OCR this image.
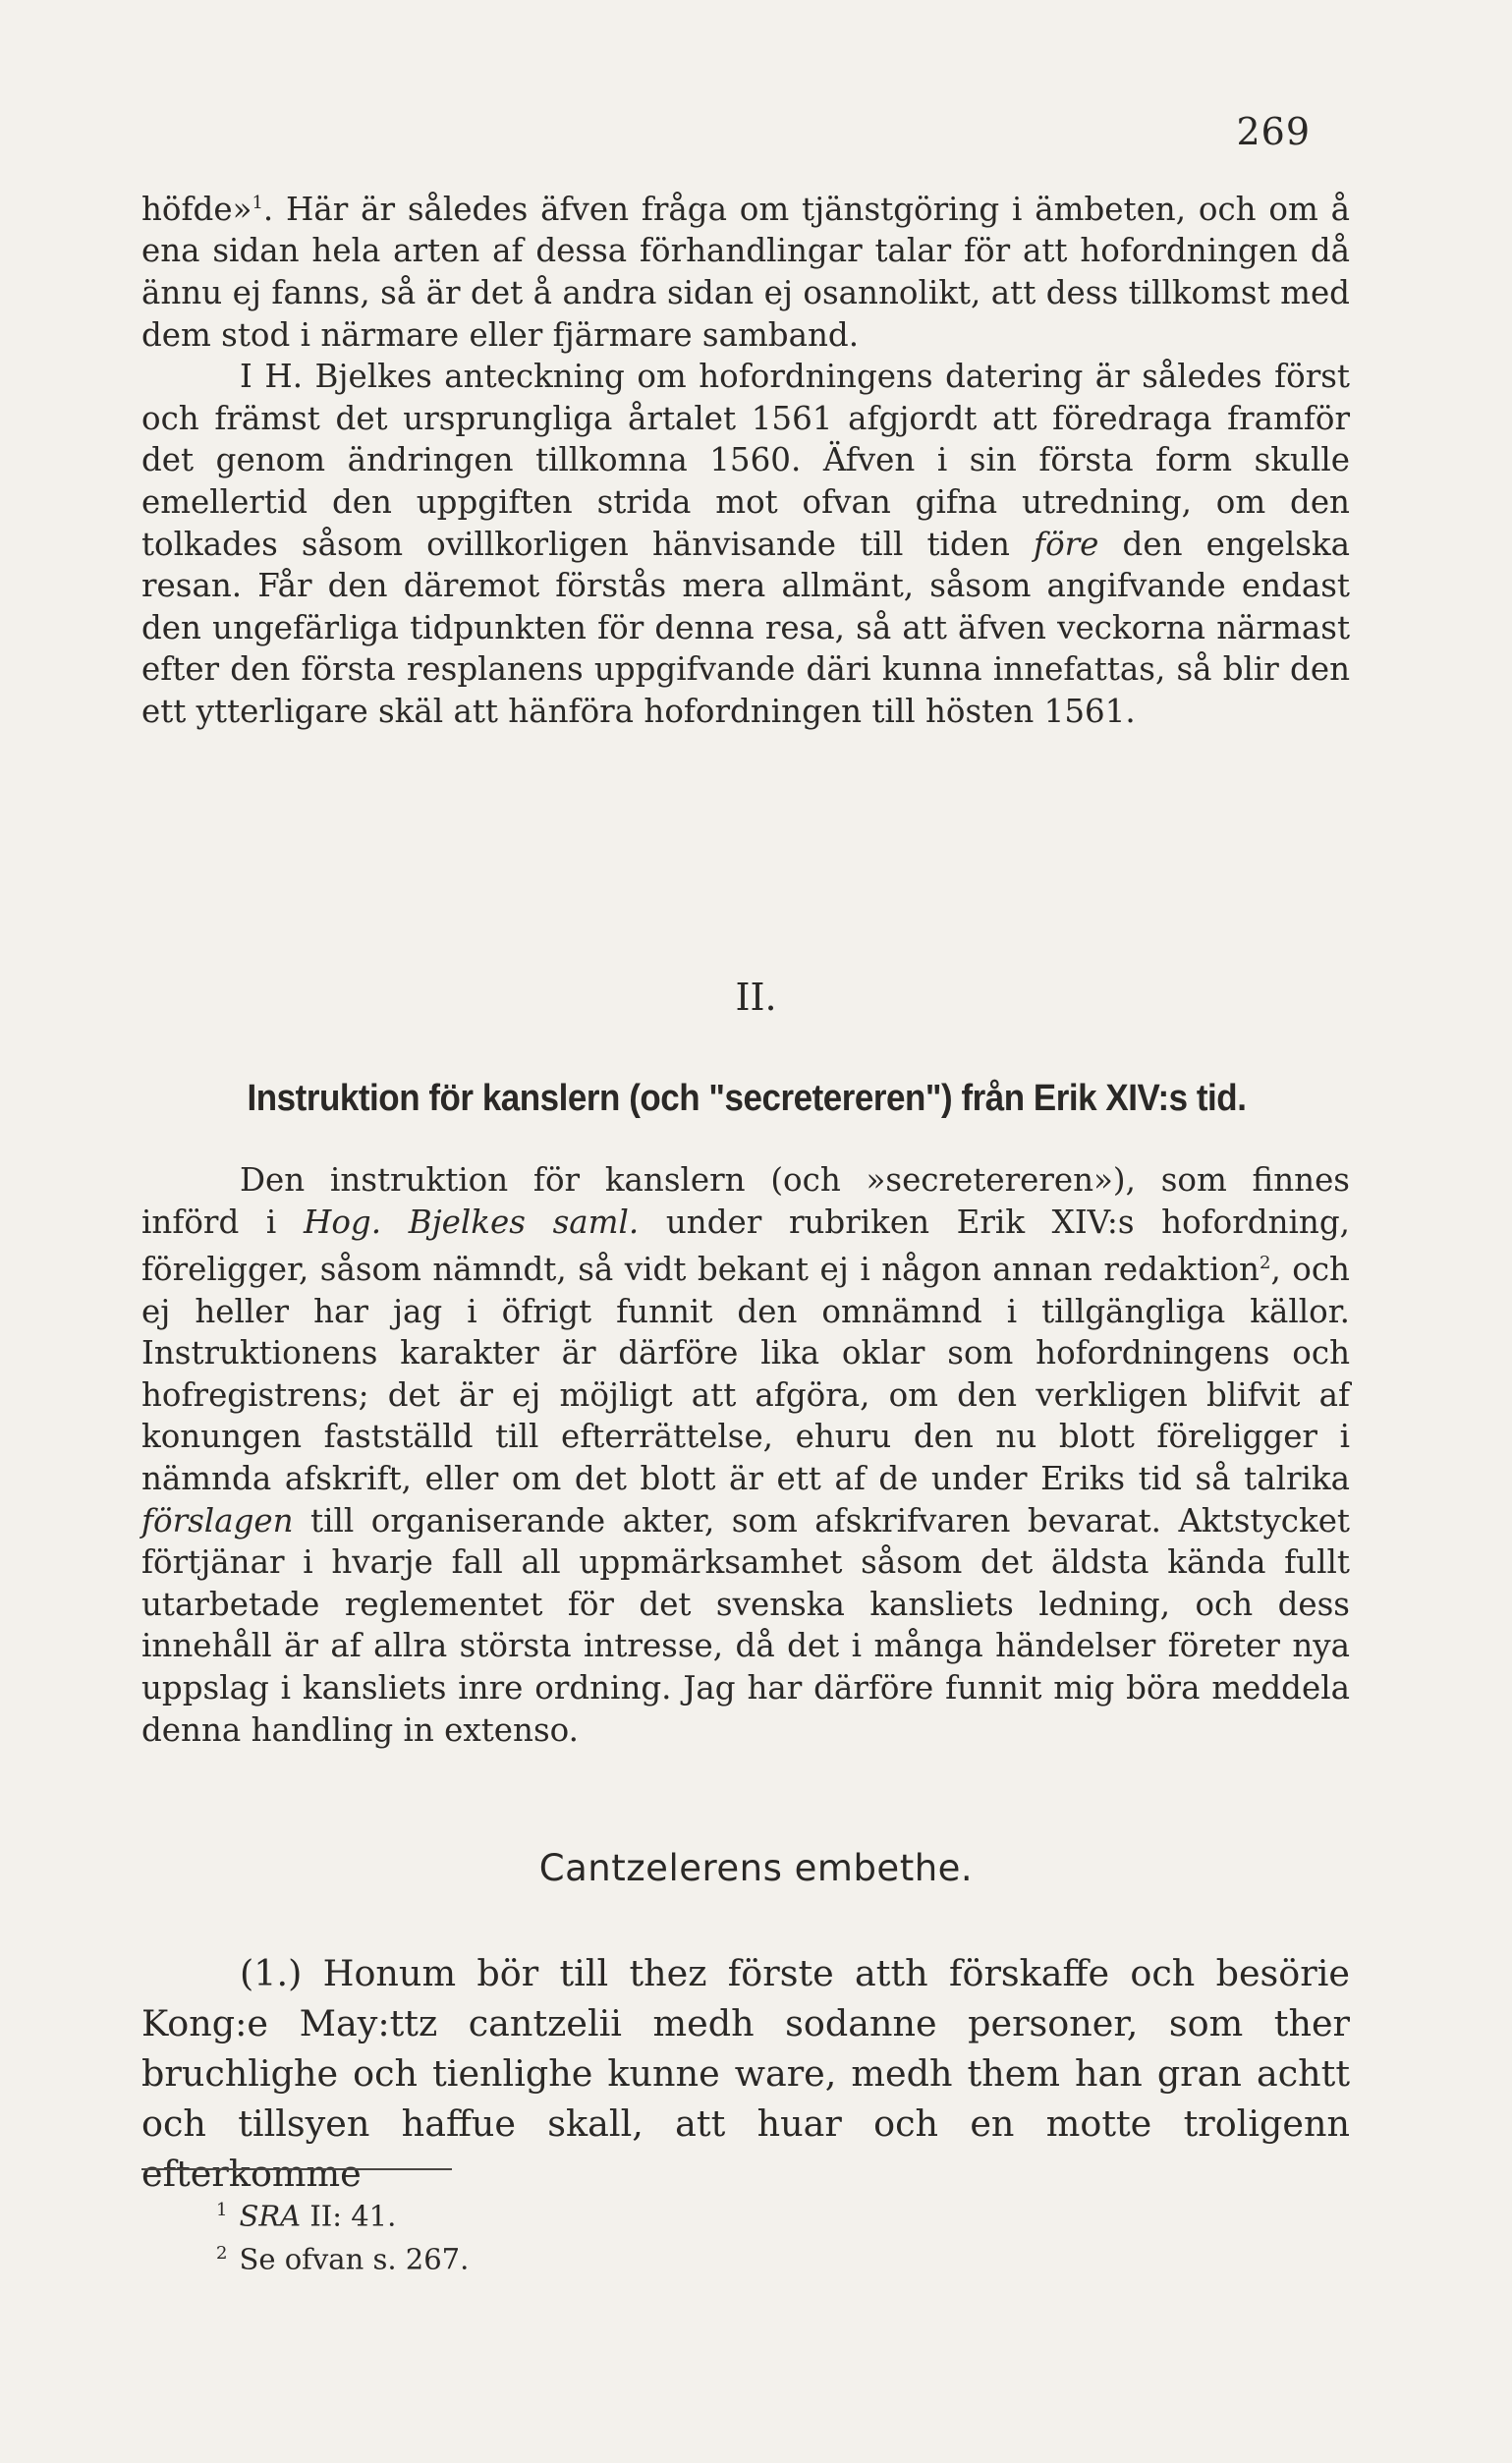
269

höfde»$^1$. Här är således äfven fråga om tjänstgöring i ämbeten, och om å ena sidan hela arten af dessa förhandlingar talar för att hofordningen då ännu ej fanns, så är det å andra sidan ej osannolikt, att dess tillkomst med dem stod i närmare eller fjärmare samband.

I H. Bjelkes anteckning om hofordningens datering är således först och främst det ursprungliga årtalet 1561 afgjordt att föredraga framför det genom ändringen tillkomna 1560. Äfven i sin första form skulle emellertid den uppgiften strida mot ofvan gifna utredning, om den tolkades såsom ovillkorligen hänvisande till tiden före den engelska resan. Får den däremot förstås mera allmänt, såsom angifvande endast den ungefärliga tidpunkten för denna resa, så att äfven veckorna närmast efter den första resplanens uppgifvande däri kunna innefattas, så blir den ett ytterligare skäl att hänföra hofordningen till hösten 1561.

II.
Instruktion för kanslern (och "secretereren") från Erik XIV:s tid.

Den instruktion för kanslern (och »secretereren»), som finnes införd i Hog. Bjelkes saml. under rubriken Erik XIV:s hofordning, föreligger, såsom nämndt, så vidt bekant ej i någon annan redaktion$^2$, och ej heller har jag i öfrigt funnit den omnämnd i tillgängliga källor. Instruktionens karakter är därföre lika oklar som hofordningens och hofregistrens; det är ej möjligt att afgöra, om den verkligen blifvit af konungen fastställd till efterrättelse, ehuru den nu blott föreligger i nämnda afskrift, eller om det blott är ett af de under Eriks tid så talrika förslagen till organiserande akter, som afskrifvaren bevarat. Aktstycket förtjänar i hvarje fall all uppmärksamhet såsom det äldsta kända fullt utarbetade reglementet för det svenska kansliets ledning, och dess innehåll är af allra största intresse, då det i många händelser företer nya uppslag i kansliets inre ordning. Jag har därföre funnit mig böra meddela denna handling in extenso.

Cantzelerens embethe.

(1.) Honum bör till thez förste atth förskaffe och besörie Kong:e May:ttz cantzelii medh sodanne personer, som ther bruchlighe och tienlighe kunne ware, medh them han gran achtt och tillsyen haffue skall, att huar och en motte troligenn efterkomme

$^1$ SRA II: 41.
$^2$ Se ofvan s. 267.
